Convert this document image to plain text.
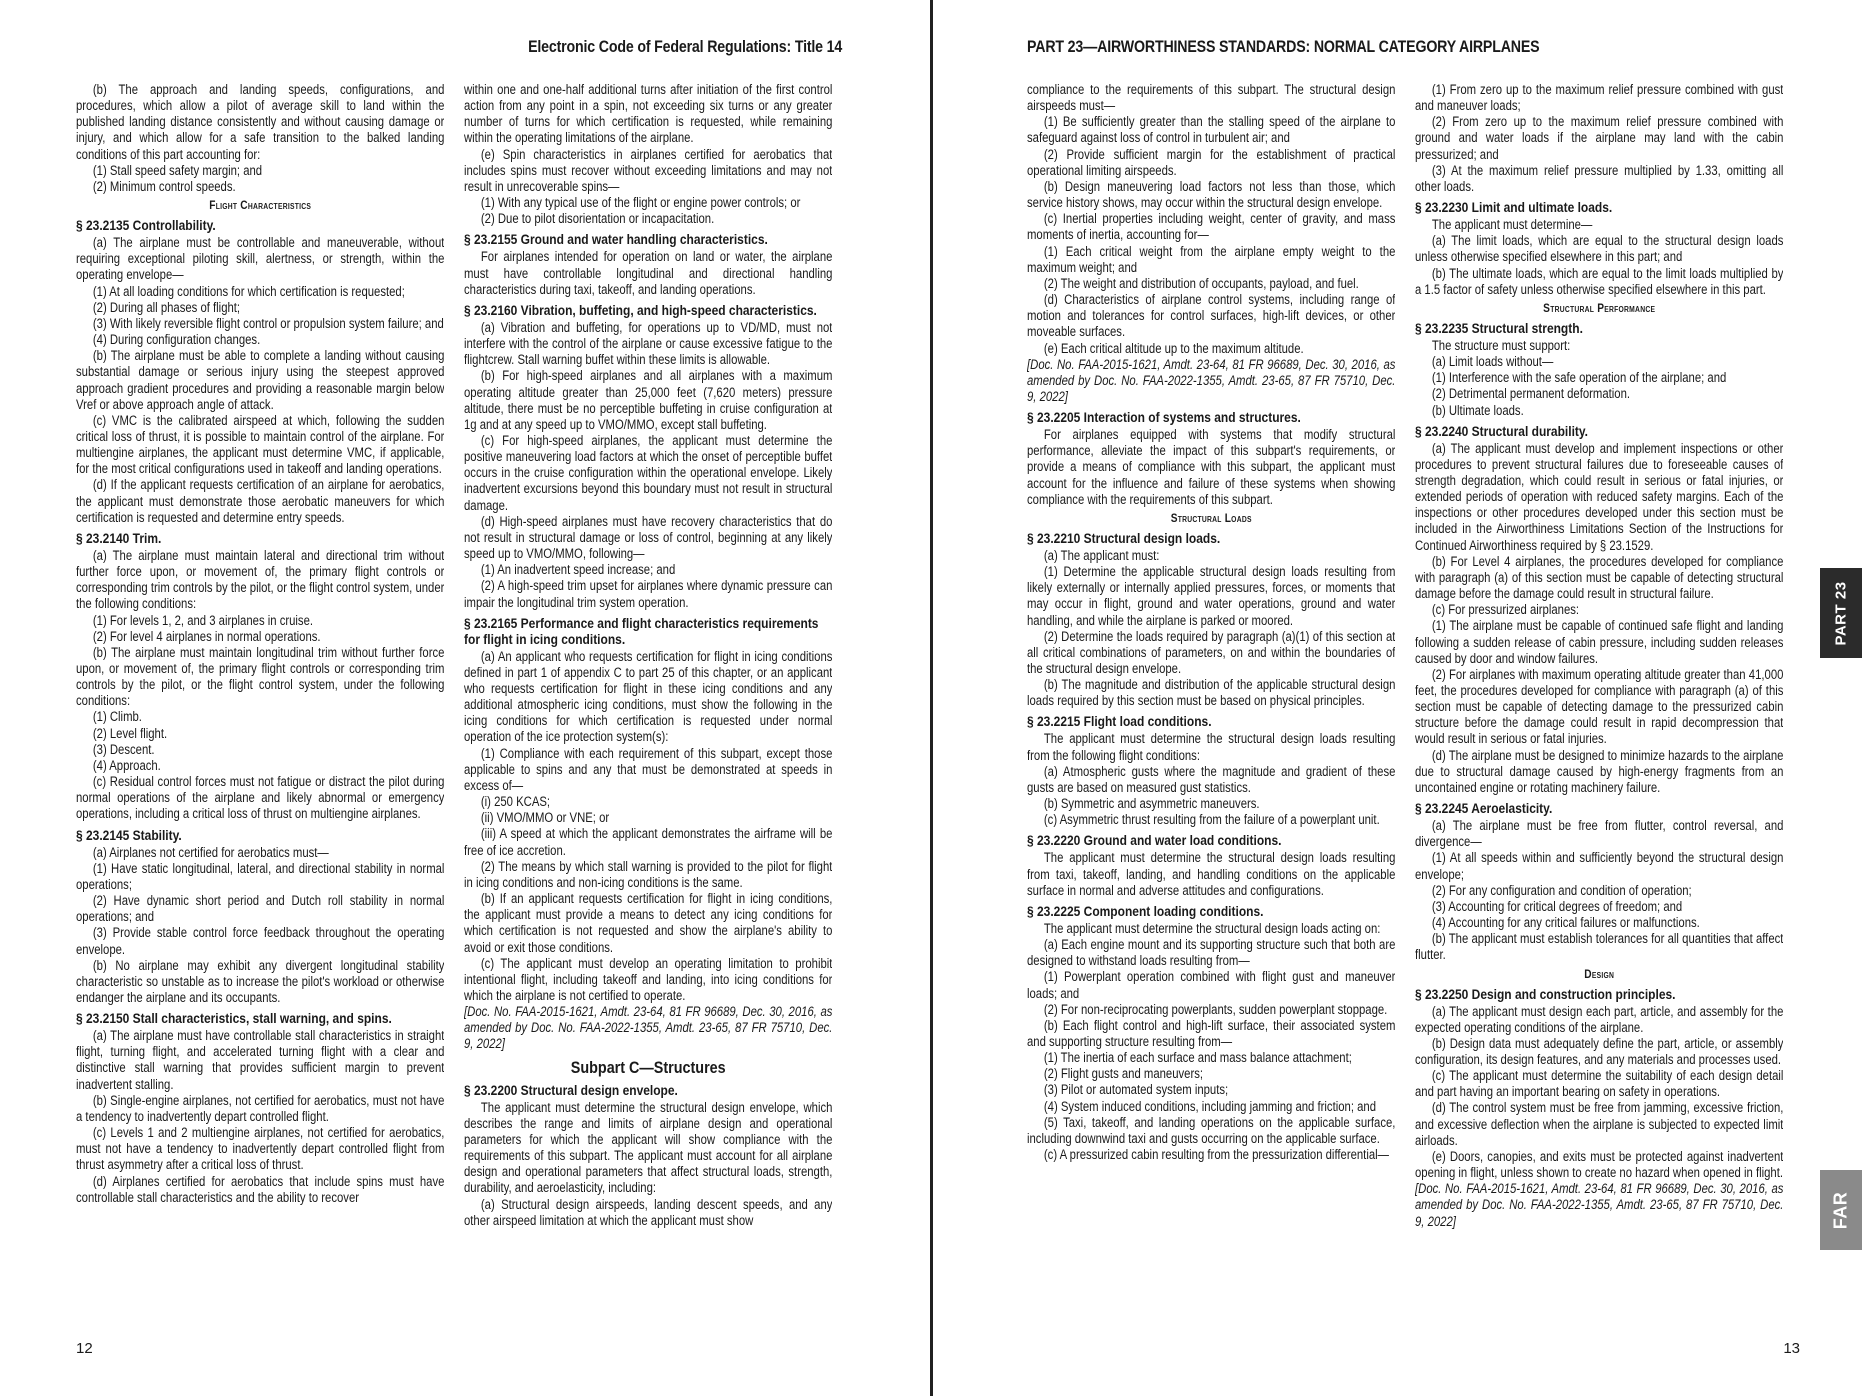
Electronic Code of Federal Regulations: Title 14

(b) The approach and landing speeds, configurations, and procedures, which allow a pilot of average skill to land within the published landing distance consistently and without causing damage or injury, and which allow for a safe transition to the balked landing conditions of this part accounting for:

(1) Stall speed safety margin; and

(2) Minimum control speeds.

Flight Characteristics

§ 23.2135 Controllability.

(a) The airplane must be controllable and maneuverable, without requiring exceptional piloting skill, alertness, or strength, within the operating envelope—

(1) At all loading conditions for which certification is requested;

(2) During all phases of flight;

(3) With likely reversible flight control or propulsion system failure; and

(4) During configuration changes.

(b) The airplane must be able to complete a landing without causing substantial damage or serious injury using the steepest approved approach gradient procedures and providing a reasonable margin below Vref or above approach angle of attack.

(c) VMC is the calibrated airspeed at which, following the sudden critical loss of thrust, it is possible to maintain control of the airplane. For multiengine airplanes, the applicant must determine VMC, if applicable, for the most critical configurations used in takeoff and landing operations.

(d) If the applicant requests certification of an airplane for aerobatics, the applicant must demonstrate those aerobatic maneuvers for which certification is requested and determine entry speeds.

§ 23.2140 Trim.

(a) The airplane must maintain lateral and directional trim without further force upon, or movement of, the primary flight controls or corresponding trim controls by the pilot, or the flight control system, under the following conditions:

(1) For levels 1, 2, and 3 airplanes in cruise.

(2) For level 4 airplanes in normal operations.

(b) The airplane must maintain longitudinal trim without further force upon, or movement of, the primary flight controls or corresponding trim controls by the pilot, or the flight control system, under the following conditions:

(1) Climb.

(2) Level flight.

(3) Descent.

(4) Approach.

(c) Residual control forces must not fatigue or distract the pilot during normal operations of the airplane and likely abnormal or emergency operations, including a critical loss of thrust on multiengine airplanes.

§ 23.2145 Stability.

(a) Airplanes not certified for aerobatics must—

(1) Have static longitudinal, lateral, and directional stability in normal operations;

(2) Have dynamic short period and Dutch roll stability in normal operations; and

(3) Provide stable control force feedback throughout the operating envelope.

(b) No airplane may exhibit any divergent longitudinal stability characteristic so unstable as to increase the pilot's workload or otherwise endanger the airplane and its occupants.

§ 23.2150 Stall characteristics, stall warning, and spins.

(a) The airplane must have controllable stall characteristics in straight flight, turning flight, and accelerated turning flight with a clear and distinctive stall warning that provides sufficient margin to prevent inadvertent stalling.

(b) Single-engine airplanes, not certified for aerobatics, must not have a tendency to inadvertently depart controlled flight.

(c) Levels 1 and 2 multiengine airplanes, not certified for aerobatics, must not have a tendency to inadvertently depart controlled flight from thrust asymmetry after a critical loss of thrust.

(d) Airplanes certified for aerobatics that include spins must have controllable stall characteristics and the ability to recover

within one and one-half additional turns after initiation of the first control action from any point in a spin, not exceeding six turns or any greater number of turns for which certification is requested, while remaining within the operating limitations of the airplane.

(e) Spin characteristics in airplanes certified for aerobatics that includes spins must recover without exceeding limitations and may not result in unrecoverable spins—

(1) With any typical use of the flight or engine power controls; or

(2) Due to pilot disorientation or incapacitation.

§ 23.2155 Ground and water handling characteristics.

For airplanes intended for operation on land or water, the airplane must have controllable longitudinal and directional handling characteristics during taxi, takeoff, and landing operations.

§ 23.2160 Vibration, buffeting, and high-speed characteristics.

(a) Vibration and buffeting, for operations up to VD/MD, must not interfere with the control of the airplane or cause excessive fatigue to the flightcrew. Stall warning buffet within these limits is allowable.

(b) For high-speed airplanes and all airplanes with a maximum operating altitude greater than 25,000 feet (7,620 meters) pressure altitude, there must be no perceptible buffeting in cruise configuration at 1g and at any speed up to VMO/MMO, except stall buffeting.

(c) For high-speed airplanes, the applicant must determine the positive maneuvering load factors at which the onset of perceptible buffet occurs in the cruise configuration within the operational envelope. Likely inadvertent excursions beyond this boundary must not result in structural damage.

(d) High-speed airplanes must have recovery characteristics that do not result in structural damage or loss of control, beginning at any likely speed up to VMO/MMO, following—

(1) An inadvertent speed increase; and

(2) A high-speed trim upset for airplanes where dynamic pressure can impair the longitudinal trim system operation.

§ 23.2165 Performance and flight characteristics requirements for flight in icing conditions.

(a) An applicant who requests certification for flight in icing conditions defined in part 1 of appendix C to part 25 of this chapter, or an applicant who requests certification for flight in these icing conditions and any additional atmospheric icing conditions, must show the following in the icing conditions for which certification is requested under normal operation of the ice protection system(s):

(1) Compliance with each requirement of this subpart, except those applicable to spins and any that must be demonstrated at speeds in excess of—

(i) 250 KCAS;

(ii) VMO/MMO or VNE; or

(iii) A speed at which the applicant demonstrates the airframe will be free of ice accretion.

(2) The means by which stall warning is provided to the pilot for flight in icing conditions and non-icing conditions is the same.

(b) If an applicant requests certification for flight in icing conditions, the applicant must provide a means to detect any icing conditions for which certification is not requested and show the airplane's ability to avoid or exit those conditions.

(c) The applicant must develop an operating limitation to prohibit intentional flight, including takeoff and landing, into icing conditions for which the airplane is not certified to operate.

[Doc. No. FAA-2015-1621, Amdt. 23-64, 81 FR 96689, Dec. 30, 2016, as amended by Doc. No. FAA-2022-1355, Amdt. 23-65, 87 FR 75710, Dec. 9, 2022]

Subpart C—Structures

§ 23.2200 Structural design envelope.

The applicant must determine the structural design envelope, which describes the range and limits of airplane design and operational parameters for which the applicant will show compliance with the requirements of this subpart. The applicant must account for all airplane design and operational parameters that affect structural loads, strength, durability, and aeroelasticity, including:

(a) Structural design airspeeds, landing descent speeds, and any other airspeed limitation at which the applicant must show

12
PART 23—AIRWORTHINESS STANDARDS: NORMAL CATEGORY AIRPLANES

compliance to the requirements of this subpart. The structural design airspeeds must—

(1) Be sufficiently greater than the stalling speed of the airplane to safeguard against loss of control in turbulent air; and

(2) Provide sufficient margin for the establishment of practical operational limiting airspeeds.

(b) Design maneuvering load factors not less than those, which service history shows, may occur within the structural design envelope.

(c) Inertial properties including weight, center of gravity, and mass moments of inertia, accounting for—

(1) Each critical weight from the airplane empty weight to the maximum weight; and

(2) The weight and distribution of occupants, payload, and fuel.

(d) Characteristics of airplane control systems, including range of motion and tolerances for control surfaces, high-lift devices, or other moveable surfaces.

(e) Each critical altitude up to the maximum altitude.

[Doc. No. FAA-2015-1621, Amdt. 23-64, 81 FR 96689, Dec. 30, 2016, as amended by Doc. No. FAA-2022-1355, Amdt. 23-65, 87 FR 75710, Dec. 9, 2022]

§ 23.2205 Interaction of systems and structures.

For airplanes equipped with systems that modify structural performance, alleviate the impact of this subpart's requirements, or provide a means of compliance with this subpart, the applicant must account for the influence and failure of these systems when showing compliance with the requirements of this subpart.

Structural Loads

§ 23.2210 Structural design loads.

(a) The applicant must:

(1) Determine the applicable structural design loads resulting from likely externally or internally applied pressures, forces, or moments that may occur in flight, ground and water operations, ground and water handling, and while the airplane is parked or moored.

(2) Determine the loads required by paragraph (a)(1) of this section at all critical combinations of parameters, on and within the boundaries of the structural design envelope.

(b) The magnitude and distribution of the applicable structural design loads required by this section must be based on physical principles.

§ 23.2215 Flight load conditions.

The applicant must determine the structural design loads resulting from the following flight conditions:

(a) Atmospheric gusts where the magnitude and gradient of these gusts are based on measured gust statistics.

(b) Symmetric and asymmetric maneuvers.

(c) Asymmetric thrust resulting from the failure of a powerplant unit.

§ 23.2220 Ground and water load conditions.

The applicant must determine the structural design loads resulting from taxi, takeoff, landing, and handling conditions on the applicable surface in normal and adverse attitudes and configurations.

§ 23.2225 Component loading conditions.

The applicant must determine the structural design loads acting on:

(a) Each engine mount and its supporting structure such that both are designed to withstand loads resulting from—

(1) Powerplant operation combined with flight gust and maneuver loads; and

(2) For non-reciprocating powerplants, sudden powerplant stoppage.

(b) Each flight control and high-lift surface, their associated system and supporting structure resulting from—

(1) The inertia of each surface and mass balance attachment;

(2) Flight gusts and maneuvers;

(3) Pilot or automated system inputs;

(4) System induced conditions, including jamming and friction; and

(5) Taxi, takeoff, and landing operations on the applicable surface, including downwind taxi and gusts occurring on the applicable surface.

(c) A pressurized cabin resulting from the pressurization differential—

(1) From zero up to the maximum relief pressure combined with gust and maneuver loads;

(2) From zero up to the maximum relief pressure combined with ground and water loads if the airplane may land with the cabin pressurized; and

(3) At the maximum relief pressure multiplied by 1.33, omitting all other loads.

§ 23.2230 Limit and ultimate loads.

The applicant must determine—

(a) The limit loads, which are equal to the structural design loads unless otherwise specified elsewhere in this part; and

(b) The ultimate loads, which are equal to the limit loads multiplied by a 1.5 factor of safety unless otherwise specified elsewhere in this part.

Structural Performance

§ 23.2235 Structural strength.

The structure must support:

(a) Limit loads without—

(1) Interference with the safe operation of the airplane; and

(2) Detrimental permanent deformation.

(b) Ultimate loads.

§ 23.2240 Structural durability.

(a) The applicant must develop and implement inspections or other procedures to prevent structural failures due to foreseeable causes of strength degradation, which could result in serious or fatal injuries, or extended periods of operation with reduced safety margins. Each of the inspections or other procedures developed under this section must be included in the Airworthiness Limitations Section of the Instructions for Continued Airworthiness required by § 23.1529.

(b) For Level 4 airplanes, the procedures developed for compliance with paragraph (a) of this section must be capable of detecting structural damage before the damage could result in structural failure.

(c) For pressurized airplanes:

(1) The airplane must be capable of continued safe flight and landing following a sudden release of cabin pressure, including sudden releases caused by door and window failures.

(2) For airplanes with maximum operating altitude greater than 41,000 feet, the procedures developed for compliance with paragraph (a) of this section must be capable of detecting damage to the pressurized cabin structure before the damage could result in rapid decompression that would result in serious or fatal injuries.

(d) The airplane must be designed to minimize hazards to the airplane due to structural damage caused by high-energy fragments from an uncontained engine or rotating machinery failure.

§ 23.2245 Aeroelasticity.

(a) The airplane must be free from flutter, control reversal, and divergence—

(1) At all speeds within and sufficiently beyond the structural design envelope;

(2) For any configuration and condition of operation;

(3) Accounting for critical degrees of freedom; and

(4) Accounting for any critical failures or malfunctions.

(b) The applicant must establish tolerances for all quantities that affect flutter.

Design

§ 23.2250 Design and construction principles.

(a) The applicant must design each part, article, and assembly for the expected operating conditions of the airplane.

(b) Design data must adequately define the part, article, or assembly configuration, its design features, and any materials and processes used.

(c) The applicant must determine the suitability of each design detail and part having an important bearing on safety in operations.

(d) The control system must be free from jamming, excessive friction, and excessive deflection when the airplane is subjected to expected limit airloads.

(e) Doors, canopies, and exits must be protected against inadvertent opening in flight, unless shown to create no hazard when opened in flight.

[Doc. No. FAA-2015-1621, Amdt. 23-64, 81 FR 96689, Dec. 30, 2016, as amended by Doc. No. FAA-2022-1355, Amdt. 23-65, 87 FR 75710, Dec. 9, 2022]

13
PART 23
FAR
